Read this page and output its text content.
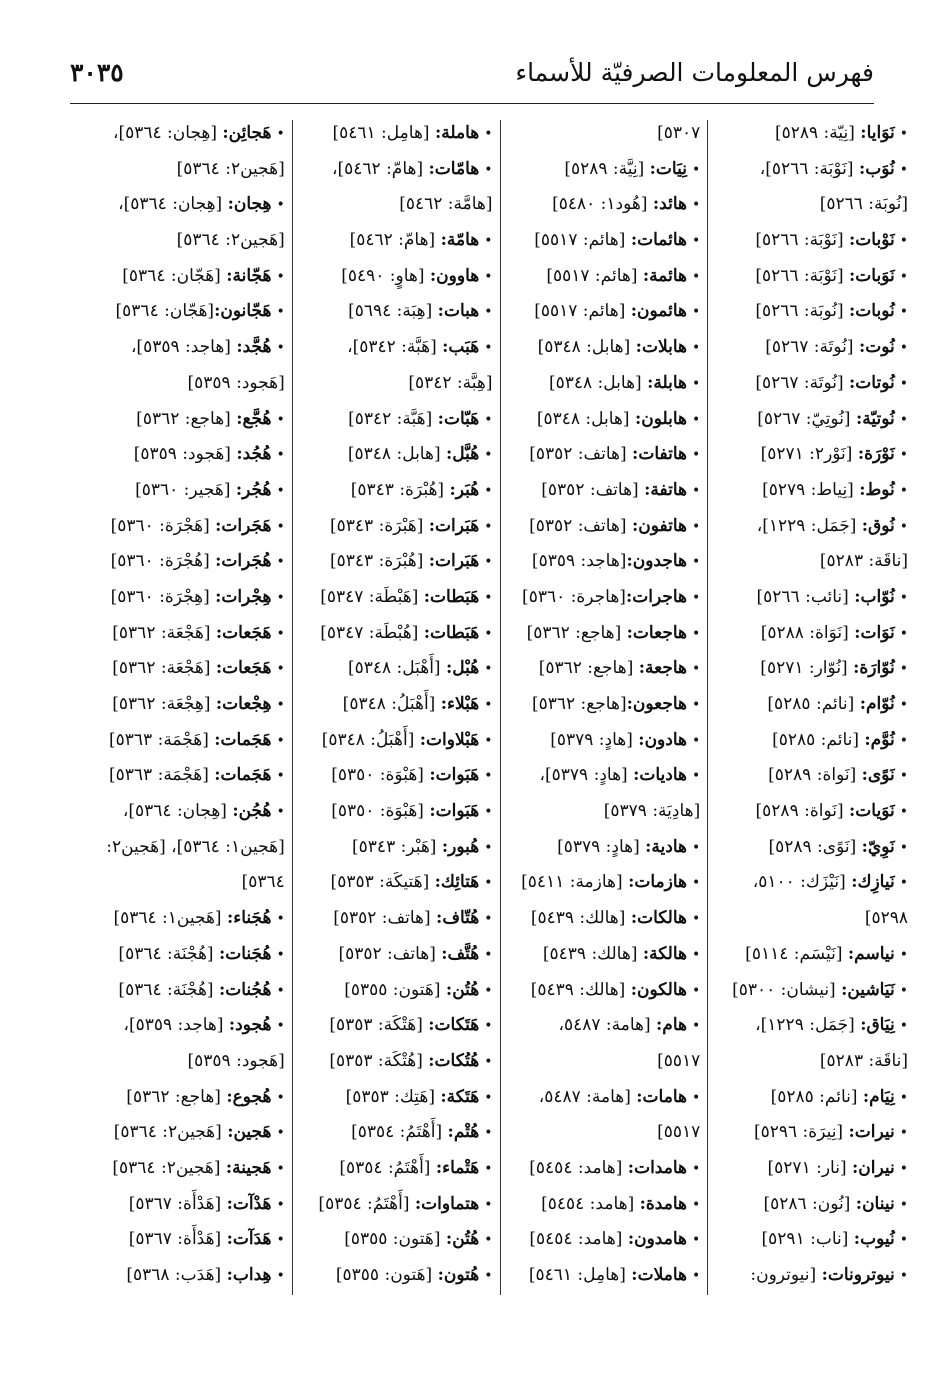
فهرس المعلومات الصرفيّة للأسماء
٣٠٣٥
•نَوَايا: [نِيّة: ٥٢٨٩]
•نُوَب: [نَوْبَة: ٥٢٦٦]،
[نُوبَة: ٥٢٦٦]
•نَوْبات: [نَوْبَة: ٥٢٦٦]
•نَوَبات: [نَوْبَة: ٥٢٦٦]
•نُوبات: [نُوبَة: ٥٢٦٦]
•نُوت: [نُوتَة: ٥٢٦٧]
•نُوتات: [نُوتَة: ٥٢٦٧]
•نُوتيّة: [نُوتِيّ: ٥٢٦٧]
•نَوْرَة: [نَوْر٢: ٥٢٧١]
•نُوط: [نِياط: ٥٢٧٩]
•نُوق: [جَمَل: ١٢٢٩]،
[ناقَة: ٥٢٨٣]
•نُوّاب: [نائب: ٥٢٦٦]
•نَوَات: [نَوَاة: ٥٢٨٨]
•نُوّارَة: [نُوّار: ٥٢٧١]
•نُوّام: [نائم: ٥٢٨٥]
•نُوَّم: [نائم: ٥٢٨٥]
•نَوًى: [نَواة: ٥٢٨٩]
•نَوَيات: [نَواة: ٥٢٨٩]
•نَوِيّ: [نَوًى: ٥٢٨٩]
•نَيازِك: [نَيْزَك: ٥١٠٠،
٥٢٩٨]
•نياسم: [نَيْسَم: ٥١١٤]
•نَيَاشين: [نيشان: ٥٣٠٠]
•نِيَاق: [جَمَل: ١٢٢٩]،
[ناقَة: ٥٢٨٣]
•نِيَام: [نائم: ٥٢٨٥]
•نيرات: [نِيرَة: ٥٢٩٦]
•نيران: [نار: ٥٢٧١]
•نينان: [نُون: ٥٢٨٦]
•نُيوب: [ناب: ٥٢٩١]
•نيوترونات: [نيوترون:
٥٣٠٧]
•نِيَات: [نِيَّة: ٥٢٨٩]
•هائد: [هُود١: ٥٤٨٠]
•هائمات: [هائم: ٥٥١٧]
•هائمة: [هائم: ٥٥١٧]
•هائمون: [هائم: ٥٥١٧]
•هابلات: [هابل: ٥٣٤٨]
•هابلة: [هابل: ٥٣٤٨]
•هابلون: [هابل: ٥٣٤٨]
•هاتفات: [هاتف: ٥٣٥٢]
•هاتفة: [هاتف: ٥٣٥٢]
•هاتفون: [هاتف: ٥٣٥٢]
•هاجدون:[هاجد: ٥٣٥٩]
•هاجرات:[هاجرة: ٥٣٦٠]
•هاجعات: [هاجع: ٥٣٦٢]
•هاجعة: [هاجع: ٥٣٦٢]
•هاجعون:[هاجع: ٥٣٦٢]
•هادون: [هادٍ: ٥٣٧٩]
•هاديات: [هادٍ: ٥٣٧٩]،
[هادِيَة: ٥٣٧٩]
•هادية: [هادٍ: ٥٣٧٩]
•هازمات: [هازمة: ٥٤١١]
•هالكات: [هالك: ٥٤٣٩]
•هالكة: [هالك: ٥٤٣٩]
•هالكون: [هالك: ٥٤٣٩]
•هام: [هامة: ٥٤٨٧،
٥٥١٧]
•هامات: [هامة: ٥٤٨٧،
٥٥١٧]
•هامدات: [هامد: ٥٤٥٤]
•هامدة: [هامد: ٥٤٥٤]
•هامدون: [هامد: ٥٤٥٤]
•هاملات: [هامِل: ٥٤٦١]
•هاملة: [هامِل: ٥٤٦١]
•هامّات: [هامّ: ٥٤٦٢]،
[هامَّة: ٥٤٦٢]
•هامّة: [هامّ: ٥٤٦٢]
•هاوون: [هاوٍ: ٥٤٩٠]
•هبات: [هِبَة: ٥٦٩٤]
•هَبَب: [هَبَّة: ٥٣٤٢]،
[هِبَّة: ٥٣٤٢]
•هَبّات: [هَبَّة: ٥٣٤٢]
•هُبَّل: [هابل: ٥٣٤٨]
•هُبَر: [هُبْرَة: ٥٣٤٣]
•هَبَرات: [هَبْرَة: ٥٣٤٣]
•هَبَرات: [هُبْرَة: ٥٣٤٣]
•هَبَطات: [هَبْطَة: ٥٣٤٧]
•هَبَطات: [هُبْطَة: ٥٣٤٧]
•هُبْل: [أَهْبَل: ٥٣٤٨]
•هَبْلاء: [أَهْبَلُ: ٥٣٤٨]
•هَبْلاوات: [أَهْبَلُ: ٥٣٤٨]
•هَبَوات: [هَبْوَة: ٥٣٥٠]
•هَبَوات: [هَبْوَة: ٥٣٥٠]
•هُبور: [هَبْر: ٥٣٤٣]
•هَتائِك: [هَتيكَة: ٥٣٥٣]
•هُتّاف: [هاتف: ٥٣٥٢]
•هُتَّف: [هاتف: ٥٣٥٢]
•هُتُن: [هَتون: ٥٣٥٥]
•هَتَكات: [هَتْكَة: ٥٣٥٣]
•هُتُكات: [هُتْكَة: ٥٣٥٣]
•هَتَكة: [هَتِك: ٥٣٥٣]
•هُتْم: [أَهْتَمُ: ٥٣٥٤]
•هَتْماء: [أَهْتَمُ: ٥٣٥٤]
•هتماوات: [أَهْتَمُ: ٥٣٥٤]
•هُتُن: [هَتون: ٥٣٥٥]
•هُتون: [هَتون: ٥٣٥٥]
•هَجائِن: [هِجان: ٥٣٦٤]،
[هَجين٢: ٥٣٦٤]
•هِجان: [هِجان: ٥٣٦٤]،
[هَجين٢: ٥٣٦٤]
•هَجّانة: [هَجّان: ٥٣٦٤]
•هَجّانون:[هَجّان: ٥٣٦٤]
•هُجَّد: [هاجد: ٥٣٥٩]،
[هَجود: ٥٣٥٩]
•هُجَّع: [هاجع: ٥٣٦٢]
•هُجُد: [هَجود: ٥٣٥٩]
•هُجُر: [هَجير: ٥٣٦٠]
•هَجَرات: [هَجْرَة: ٥٣٦٠]
•هُجَرات: [هُجْرَة: ٥٣٦٠]
•هِجْرات: [هِجْرَة: ٥٣٦٠]
•هَجَعات: [هَجْعَة: ٥٣٦٢]
•هَجَعات: [هَجْعَة: ٥٣٦٢]
•هِجْعات: [هِجْعَة: ٥٣٦٢]
•هَجَمات: [هَجْمَة: ٥٣٦٣]
•هَجَمات: [هَجْمَة: ٥٣٦٣]
•هُجُن: [هِجان: ٥٣٦٤]،
[هَجين١: ٥٣٦٤]، [هَجين٢:
٥٣٦٤]
•هُجَناء: [هَجين١: ٥٣٦٤]
•هُجَنات: [هُجْنَة: ٥٣٦٤]
•هُجُنات: [هُجْنَة: ٥٣٦٤]
•هُجود: [هاجد: ٥٣٥٩]،
[هَجود: ٥٣٥٩]
•هُجوع: [هاجع: ٥٣٦٢]
•هَجين: [هَجين٢: ٥٣٦٤]
•هَجينة: [هَجين٢: ٥٣٦٤]
•هَدْآت: [هَدْأَة: ٥٣٦٧]
•هَدَآت: [هَدْأَة: ٥٣٦٧]
•هِداب: [هَدَب: ٥٣٦٨]
